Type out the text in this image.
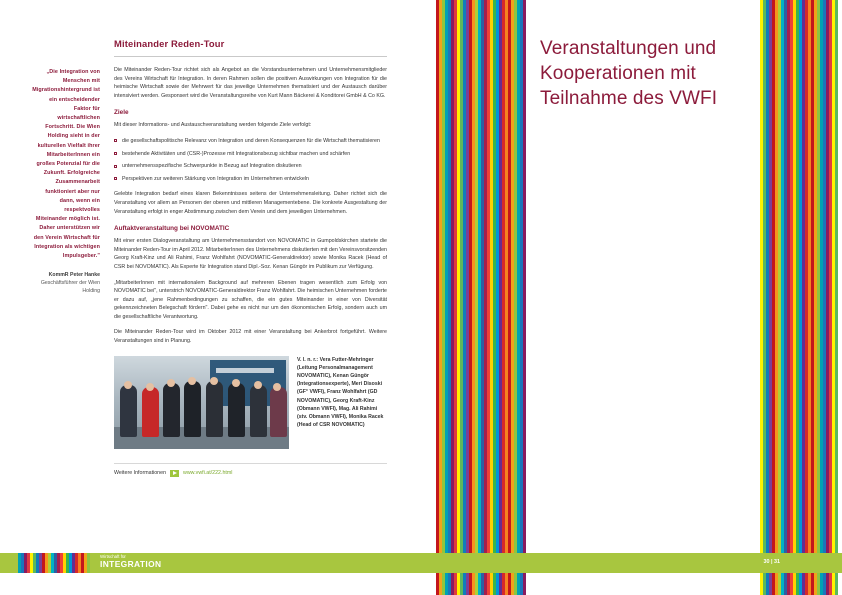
„Die Integration von Menschen mit Migrationshintergrund ist ein entscheidender Faktor für wirtschaftlichen Fortschritt. Die Wien Holding sieht in der kulturellen Vielfalt ihrer MitarbeiterInnen ein großes Potenzial für die Zukunft. Erfolgreiche Zusammenarbeit funktioniert aber nur dann, wenn ein respektvolles Miteinander möglich ist. Daher unterstützen wir den Verein Wirtschaft für Integration als wichtigen Impulsgeber."
KommR Peter Hanke
Geschäftsführer der Wien Holding
Miteinander Reden-Tour

Die Miteinander Reden-Tour richtet sich als Angebot an die Vorstandsunternehmen und Unternehmensmitglieder des Vereins Wirtschaft für Integration. In deren Rahmen sollen die positiven Auswirkungen von Integration für die heimische Wirtschaft sowie der Mehrwert für das jeweilige Unternehmen thematisiert und der Austausch darüber intensiviert werden. Gesponsert wird die Veranstaltungsreihe von Kurt Mann Bäckerei & Konditorei GmbH & Co KG.

Ziele

Mit dieser Informations- und Austauschveranstaltung werden folgende Ziele verfolgt:

die gesellschaftspolitische Relevanz von Integration und deren Konsequenzen für die Wirtschaft thematisieren
bestehende Aktivitäten und (CSR-)Prozesse mit Integrationsbezug sichtbar machen und schärfen
unternehmensspezifische Schwerpunkte in Bezug auf Integration diskutieren
Perspektiven zur weiteren Stärkung von Integration im Unternehmen entwickeln

Gelebte Integration bedarf eines klaren Bekenntnisses seitens der Unternehmensleitung. Daher richtet sich die Veranstaltung vor allem an Personen der oberen und mittleren Managementebene. Die konkrete Ausgestaltung der Veranstaltung erfolgt in enger Abstimmung zwischen dem Verein und dem jeweiligen Unternehmen.

Auftaktveranstaltung bei NOVOMATIC

Mit einer ersten Dialogveranstaltung am Unternehmensstandort von NOVOMATIC in Gumpoldskirchen startete die Miteinander Reden-Tour im April 2012. MitarbeiterInnen des Unternehmens diskutierten mit den Vereinsvorsitzenden Georg Kraft-Kinz und Ali Rahimi, Franz Wohlfahrt (NOVOMATIC-Generaldirektor) sowie Monika Racek (Head of CSR bei NOVOMATIC). Als Experte für Integration stand Dipl.-Soz. Kenan Güngör im Publikum zur Verfügung.

„MitarbeiterInnen mit internationalem Background auf mehreren Ebenen tragen wesentlich zum Erfolg von NOVOMATIC bei", unterstrich NOVOMATIC-Generaldirektor Franz Wohlfahrt. Die heimischen Unternehmen forderte er dazu auf, „jene Rahmenbedingungen zu schaffen, die ein gutes Miteinander in einer von Diversität gekennzeichneten Belegschaft fördern". Dabei gehe es nicht nur um den ökonomischen Erfolg, sondern auch um die gesellschaftliche Verantwortung.

Die Miteinander Reden-Tour wird im Oktober 2012 mit einer Veranstaltung bei Ankerbrot fortgeführt. Weitere Veranstaltungen sind in Planung.

V. l. n. r.: Vera Futter-Mehringer (Leitung Personalmanagement NOVOMATIC), Kenan Güngör (Integrationsexperte), Meri Disoski (GF° VWFI), Franz Wohlfahrt (GD NOVOMATIC), Georg Kraft-Kinz (Obmann VWFI), Mag. Ali Rahimi (stv. Obmann VWFI), Monika Racek (Head of CSR NOVOMATIC)
Weitere Informationen	www.vwfi.at/222.html
Veranstaltungen und Kooperationen mit Teilnahme des VWFI
Wirtschaft für
INTEGRATION	30 | 31
